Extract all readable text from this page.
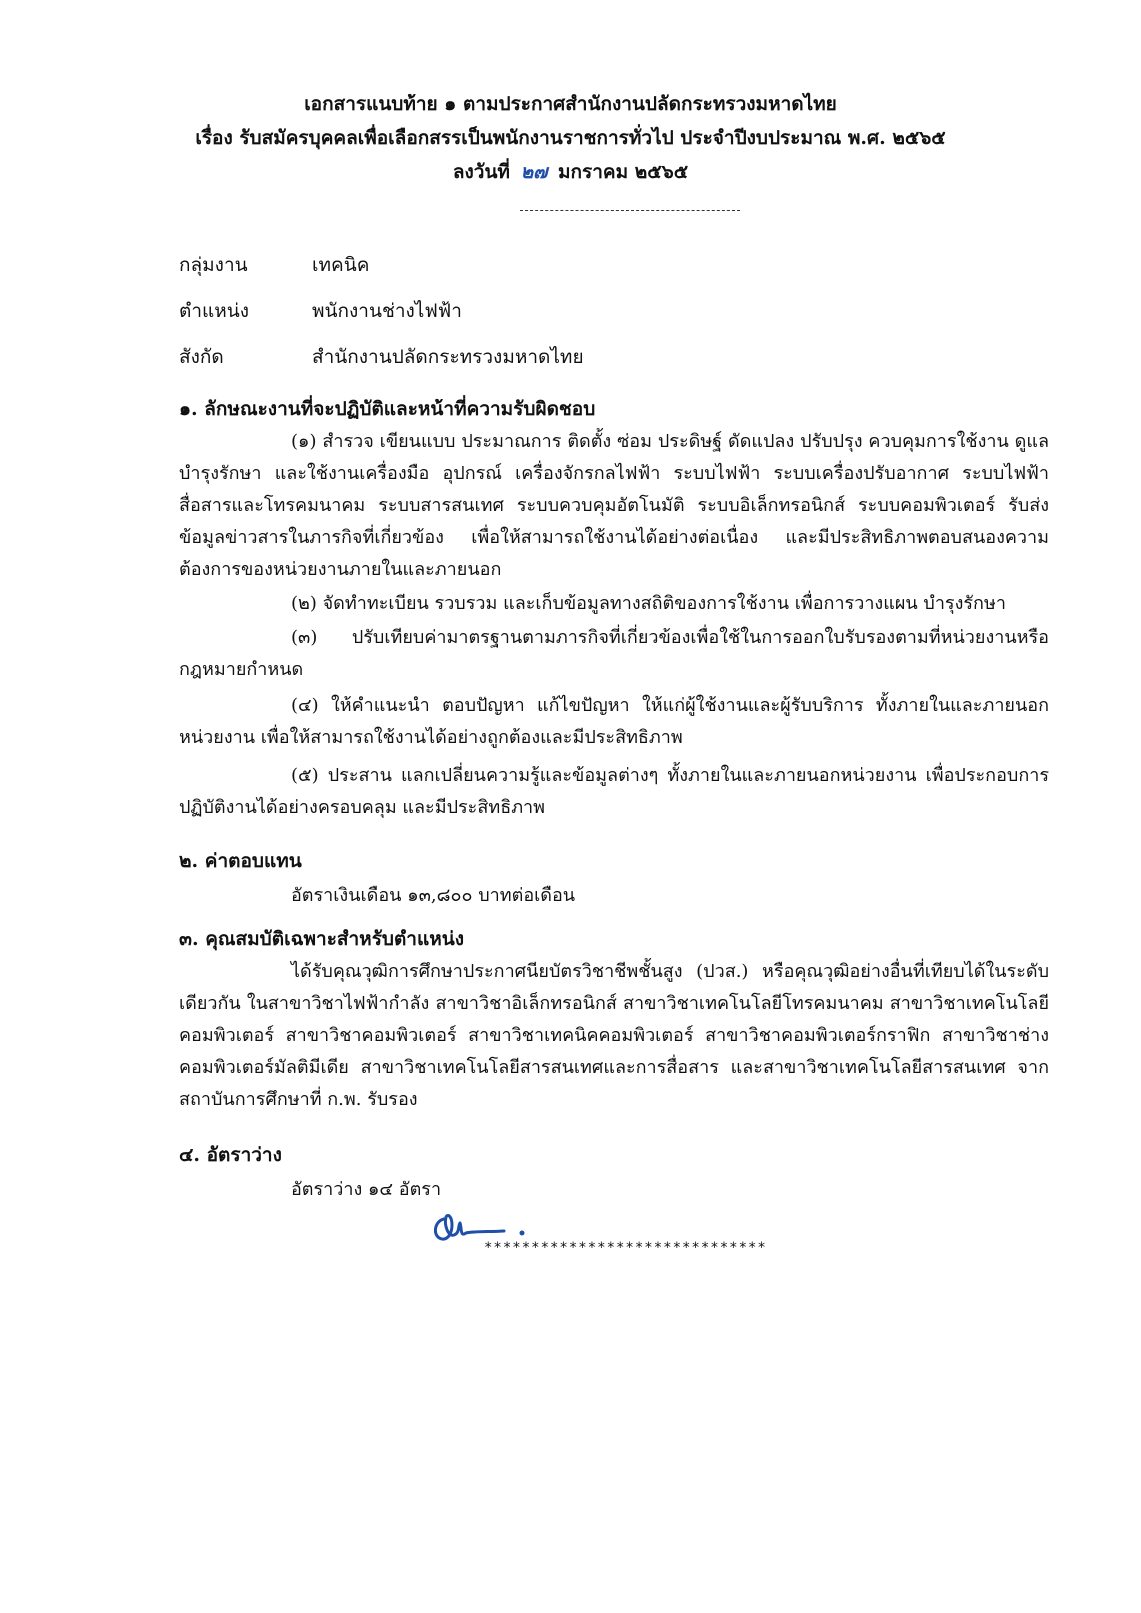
เอกสารแนบท้าย ๑ ตามประกาศสำนักงานปลัดกระทรวงมหาดไทย
เรื่อง รับสมัครบุคคลเพื่อเลือกสรรเป็นพนักงานราชการทั่วไป ประจำปีงบประมาณ พ.ศ. ๒๕๖๕
ลงวันที่ ๒๗ มกราคม ๒๕๖๕
กลุ่มงาน	เทคนิค
ตำแหน่ง	พนักงานช่างไฟฟ้า
สังกัด	สำนักงานปลัดกระทรวงมหาดไทย
๑. ลักษณะงานที่จะปฏิบัติและหน้าที่ความรับผิดชอบ
(๑) สำรวจ เขียนแบบ ประมาณการ ติดตั้ง ซ่อม ประดิษฐ์ ดัดแปลง ปรับปรุง ควบคุมการใช้งาน ดูแล บำรุงรักษา และใช้งานเครื่องมือ อุปกรณ์ เครื่องจักรกลไฟฟ้า ระบบไฟฟ้า ระบบเครื่องปรับอากาศ ระบบไฟฟ้าสื่อสารและโทรคมนาคม ระบบสารสนเทศ ระบบควบคุมอัตโนมัติ ระบบอิเล็กทรอนิกส์ ระบบคอมพิวเตอร์ รับส่งข้อมูลข่าวสารในภารกิจที่เกี่ยวข้อง เพื่อให้สามารถใช้งานได้อย่างต่อเนื่อง และมีประสิทธิภาพตอบสนองความต้องการของหน่วยงานภายในและภายนอก
(๒) จัดทำทะเบียน รวบรวม และเก็บข้อมูลทางสถิติของการใช้งาน เพื่อการวางแผน บำรุงรักษา
(๓) ปรับเทียบค่ามาตรฐานตามภารกิจที่เกี่ยวข้องเพื่อใช้ในการออกใบรับรองตามที่หน่วยงานหรือกฎหมายกำหนด
(๔) ให้คำแนะนำ ตอบปัญหา แก้ไขปัญหา ให้แก่ผู้ใช้งานและผู้รับบริการ ทั้งภายในและภายนอกหน่วยงาน เพื่อให้สามารถใช้งานได้อย่างถูกต้องและมีประสิทธิภาพ
(๕) ประสาน แลกเปลี่ยนความรู้และข้อมูลต่างๆ ทั้งภายในและภายนอกหน่วยงาน เพื่อประกอบการปฏิบัติงานได้อย่างครอบคลุม และมีประสิทธิภาพ
๒. ค่าตอบแทน
อัตราเงินเดือน ๑๓,๘๐๐ บาทต่อเดือน
๓. คุณสมบัติเฉพาะสำหรับตำแหน่ง
ได้รับคุณวุฒิการศึกษาประกาศนียบัตรวิชาชีพชั้นสูง (ปวส.) หรือคุณวุฒิอย่างอื่นที่เทียบได้ในระดับเดียวกัน ในสาขาวิชาไฟฟ้ากำลัง สาขาวิชาอิเล็กทรอนิกส์ สาขาวิชาเทคโนโลยีโทรคมนาคม สาขาวิชาเทคโนโลยีคอมพิวเตอร์ สาขาวิชาคอมพิวเตอร์ สาขาวิชาเทคนิคคอมพิวเตอร์ สาขาวิชาคอมพิวเตอร์กราฟิก สาขาวิชาช่างคอมพิวเตอร์มัลติมีเดีย สาขาวิชาเทคโนโลยีสารสนเทศและการสื่อสาร และสาขาวิชาเทคโนโลยีสารสนเทศ จากสถาบันการศึกษาที่ ก.พ. รับรอง
๔. อัตราว่าง
อัตราว่าง ๑๔ อัตรา
******************************
